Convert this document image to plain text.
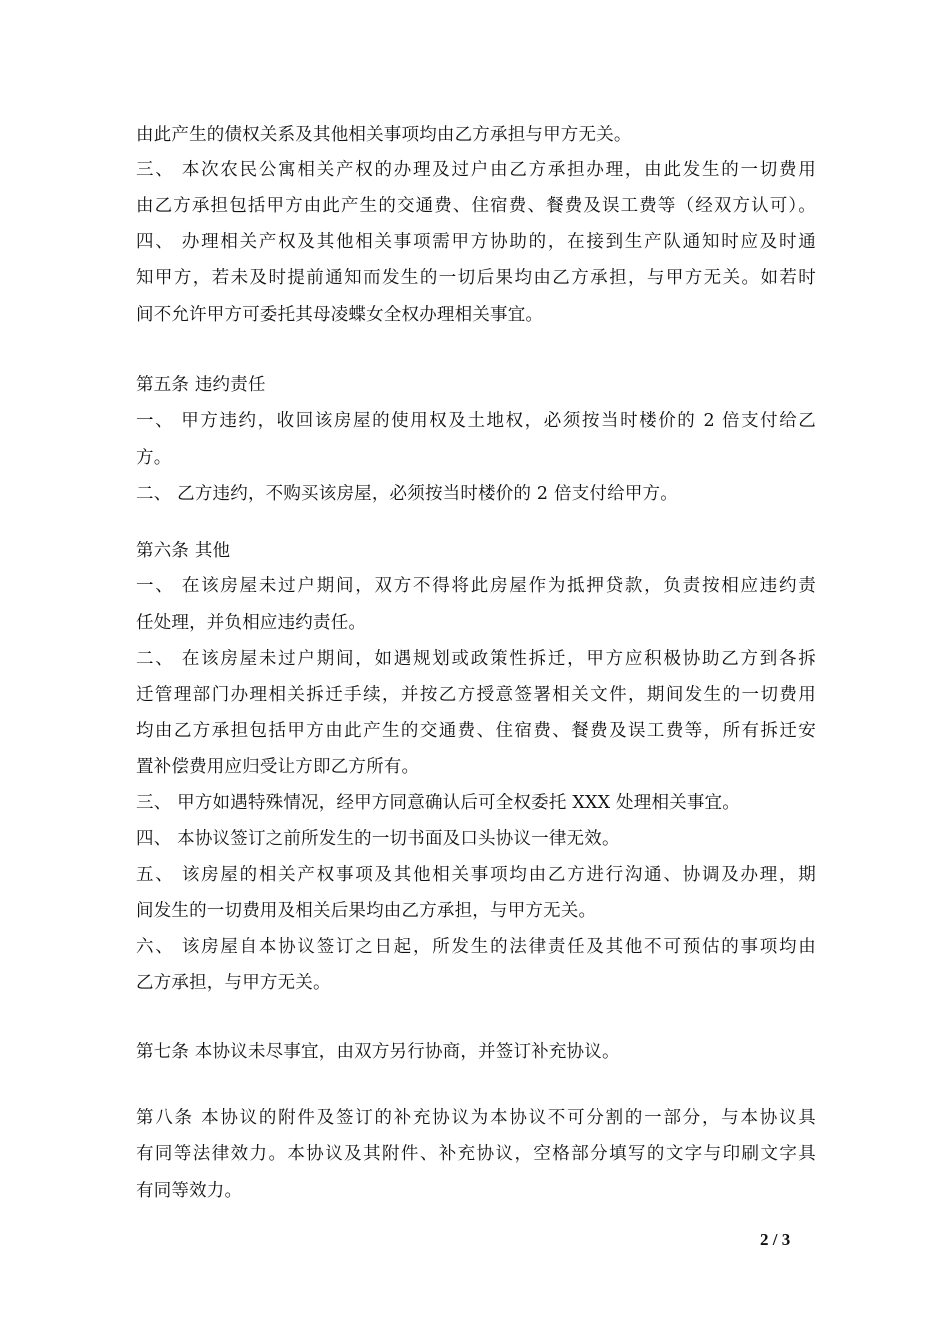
由此产生的债权关系及其他相关事项均由乙方承担与甲方无关。
三、 本次农民公寓相关产权的办理及过户由乙方承担办理，由此发生的一切费用
由乙方承担包括甲方由此产生的交通费、住宿费、餐费及误工费等（经双方认可）。
四、 办理相关产权及其他相关事项需甲方协助的，在接到生产队通知时应及时通
知甲方，若未及时提前通知而发生的一切后果均由乙方承担，与甲方无关。如若时
间不允许甲方可委托其母凌蝶女全权办理相关事宜。
第五条 违约责任
一、 甲方违约，收回该房屋的使用权及土地权，必须按当时楼价的 2 倍支付给乙
方。
二、 乙方违约，不购买该房屋，必须按当时楼价的 2 倍支付给甲方。
第六条 其他
一、 在该房屋未过户期间，双方不得将此房屋作为抵押贷款，负责按相应违约责
任处理，并负相应违约责任。
二、 在该房屋未过户期间，如遇规划或政策性拆迁，甲方应积极协助乙方到各拆
迁管理部门办理相关拆迁手续，并按乙方授意签署相关文件，期间发生的一切费用
均由乙方承担包括甲方由此产生的交通费、住宿费、餐费及误工费等，所有拆迁安
置补偿费用应归受让方即乙方所有。
三、 甲方如遇特殊情况，经甲方同意确认后可全权委托 XXX 处理相关事宜。
四、 本协议签订之前所发生的一切书面及口头协议一律无效。
五、 该房屋的相关产权事项及其他相关事项均由乙方进行沟通、协调及办理，期
间发生的一切费用及相关后果均由乙方承担，与甲方无关。
六、 该房屋自本协议签订之日起，所发生的法律责任及其他不可预估的事项均由
乙方承担，与甲方无关。
第七条 本协议未尽事宜，由双方另行协商，并签订补充协议。
第八条 本协议的附件及签订的补充协议为本协议不可分割的一部分，与本协议具
有同等法律效力。本协议及其附件、补充协议，空格部分填写的文字与印刷文字具
有同等效力。
2 / 3
